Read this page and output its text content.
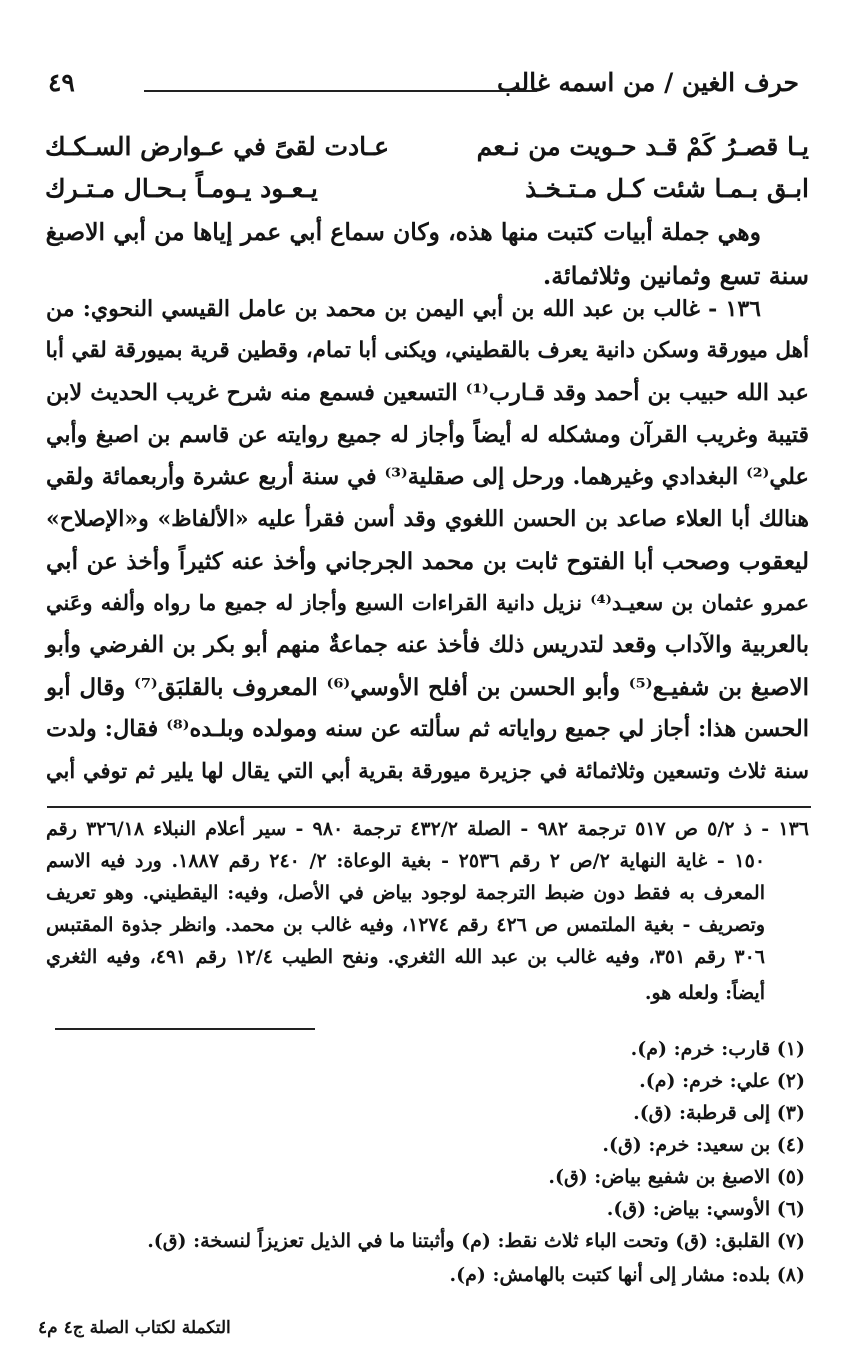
حرف الغين / من اسمه غالب
٤٩
يـا قصـرُ كَمْ قـد حـويت من نـعم
عـادت لقىً في عـوارض السـكـك
ابـق بـمـا شئت كـل مـتـخـذ
يـعـود يـومـاً بـحـال مـتـرك
وهي جملة أبيات كتبت منها هذه، وكان سماع أبي عمر إياها من أبي الاصبغ
سنة تسع وثمانين وثلاثمائة.
١٣٦ - غالب بن عبد الله بن أبي اليمن بن محمد بن عامل القيسي النحوي: من
أهل ميورقة وسكن دانية يعرف بالقطيني، ويكنى أبا تمام، وقطين قرية بميورقة لقي أبا
عبد الله حبيب بن أحمد وقد قـارب⁽¹⁾ التسعين فسمع منه شرح غريب الحديث لابن
قتيبة وغريب القرآن ومشكله له أيضاً وأجاز له جميع روايته عن قاسم بن اصبغ وأبي
علي⁽²⁾ البغدادي وغيرهما. ورحل إلى صقلية⁽³⁾ في سنة أربع عشرة وأربعمائة ولقي
هنالك أبا العلاء صاعد بن الحسن اللغوي وقد أسن فقرأ عليه «الألفاظ» و«الإصلاح»
ليعقوب وصحب أبا الفتوح ثابت بن محمد الجرجاني وأخذ عنه كثيراً وأخذ عن أبي
عمرو عثمان بن سعيـد⁽⁴⁾ نزيل دانية القراءات السبع وأجاز له جميع ما رواه وألفه وعَني
بالعربية والآداب وقعد لتدريس ذلك فأخذ عنه جماعةٌ منهم أبو بكر بن الفرضي وأبو
الاصبغ بن شفيـع⁽⁵⁾ وأبو الحسن بن أفلح الأوسي⁽⁶⁾ المعروف بالقلبَق⁽⁷⁾ وقال أبو
الحسن هذا: أجاز لي جميع رواياته ثم سألته عن سنه ومولده وبلـده⁽⁸⁾ فقال: ولدت
سنة ثلاث وتسعين وثلاثمائة في جزيرة ميورقة بقرية أبي التي يقال لها يلير ثم توفي أبي
١٣٦ - ذ ٥/٢ ص ٥١٧ ترجمة ٩٨٢ - الصلة ٤٣٢/٢ ترجمة ٩٨٠ - سير أعلام النبلاء ٣٢٦/١٨ رقم
١٥٠ - غاية النهاية ٢/ص ٢ رقم ٢٥٣٦ - بغية الوعاة: ٢/ ٢٤٠ رقم ١٨٨٧. ورد فيه الاسم
المعرف به فقط دون ضبط الترجمة لوجود بياض في الأصل، وفيه: اليقطيني. وهو تعريف
وتصريف - بغية الملتمس ص ٤٢٦ رقم ١٢٧٤، وفيه غالب بن محمد. وانظر جذوة المقتبس
٣٠٦ رقم ٣٥١، وفيه غالب بن عبد الله الثغري. ونفح الطيب ١٢/٤ رقم ٤٩١، وفيه الثغري
أيضاً: ولعله هو.
(١) قارب: خرم: (م).
(٢) علي: خرم: (م).
(٣) إلى قرطبة: (ق).
(٤) بن سعيد: خرم: (ق).
(٥) الاصبغ بن شفيع بياض: (ق).
(٦) الأوسي: بياض: (ق).
(٧) القلبق: (ق) وتحت الباء ثلاث نقط: (م) وأثبتنا ما في الذيل تعزيزاً لنسخة: (ق).
(٨) بلده: مشار إلى أنها كتبت بالهامش: (م).
التكملة لكتاب الصلة ج٤ م٤
